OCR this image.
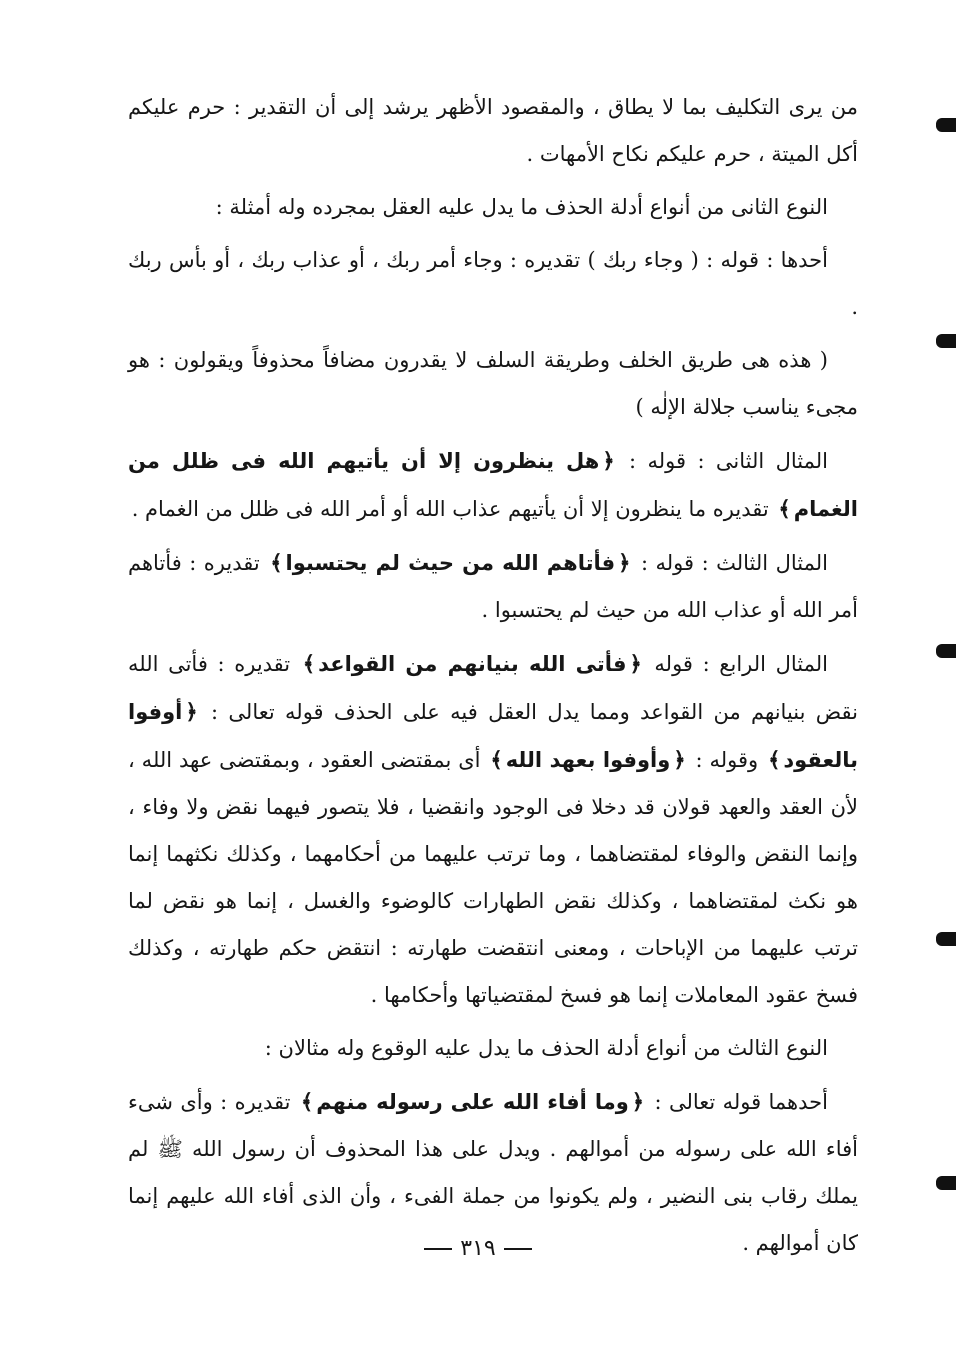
من يرى التكليف بما لا يطاق ، والمقصود الأظهر يرشد إلى أن التقدير : حرم عليكم أكل الميتة ، حرم عليكم نكاح الأمهات .

النوع الثانى من أنواع أدلة الحذف ما يدل عليه العقل بمجرده وله أمثلة :

أحدها : قوله : ( وجاء ربك ) تقديره : وجاء أمر ربك ، أو عذاب ربك ، أو بأس ربك .

( هذه هى طريق الخلف وطريقة السلف لا يقدرون مضافاً محذوفاً ويقولون : هو مجىء يناسب جلالة الإلٰه )

المثال الثانى : قوله : ﴿هل ينظرون إلا أن يأتيهم الله فى ظلل من الغمام﴾ تقديره ما ينظرون إلا أن يأتيهم عذاب الله أو أمر الله فى ظلل من الغمام .

المثال الثالث : قوله : ﴿فأتاهم الله من حيث لم يحتسبوا﴾ تقديره : فأتاهم أمر الله أو عذاب الله من حيث لم يحتسبوا .

المثال الرابع : قوله ﴿فأتى الله بنيانهم من القواعد﴾ تقديره : فأتى الله نقض بنيانهم من القواعد ومما يدل العقل فيه على الحذف قوله تعالى : ﴿أوفوا بالعقود﴾ وقوله : ﴿وأوفوا بعهد الله﴾ أى بمقتضى العقود ، وبمقتضى عهد الله ، لأن العقد والعهد قولان قد دخلا فى الوجود وانقضيا ، فلا يتصور فيهما نقض ولا وفاء ، وإنما النقض والوفاء لمقتضاهما ، وما ترتب عليهما من أحكامهما ، وكذلك نكثهما إنما هو نكث لمقتضاهما ، وكذلك نقض الطهارات كالوضوء والغسل ، إنما هو نقض لما ترتب عليهما من الإباحات ، ومعنى انتقضت طهارته : انتقض حكم طهارته ، وكذلك فسخ عقود المعاملات إنما هو فسخ لمقتضياتها وأحكامها .

النوع الثالث من أنواع أدلة الحذف ما يدل عليه الوقوع وله مثالان :

أحدهما قوله تعالى : ﴿وما أفاء الله على رسوله منهم﴾ تقديره : وأى شىء أفاء الله على رسوله من أموالهم . ويدل على هذا المحذوف أن رسول الله ﷺ لم يملك رقاب بنى النضير ، ولم يكونوا من جملة الفىء ، وأن الذى أفاء الله عليهم إنما كان أموالهم .

٣١٩
